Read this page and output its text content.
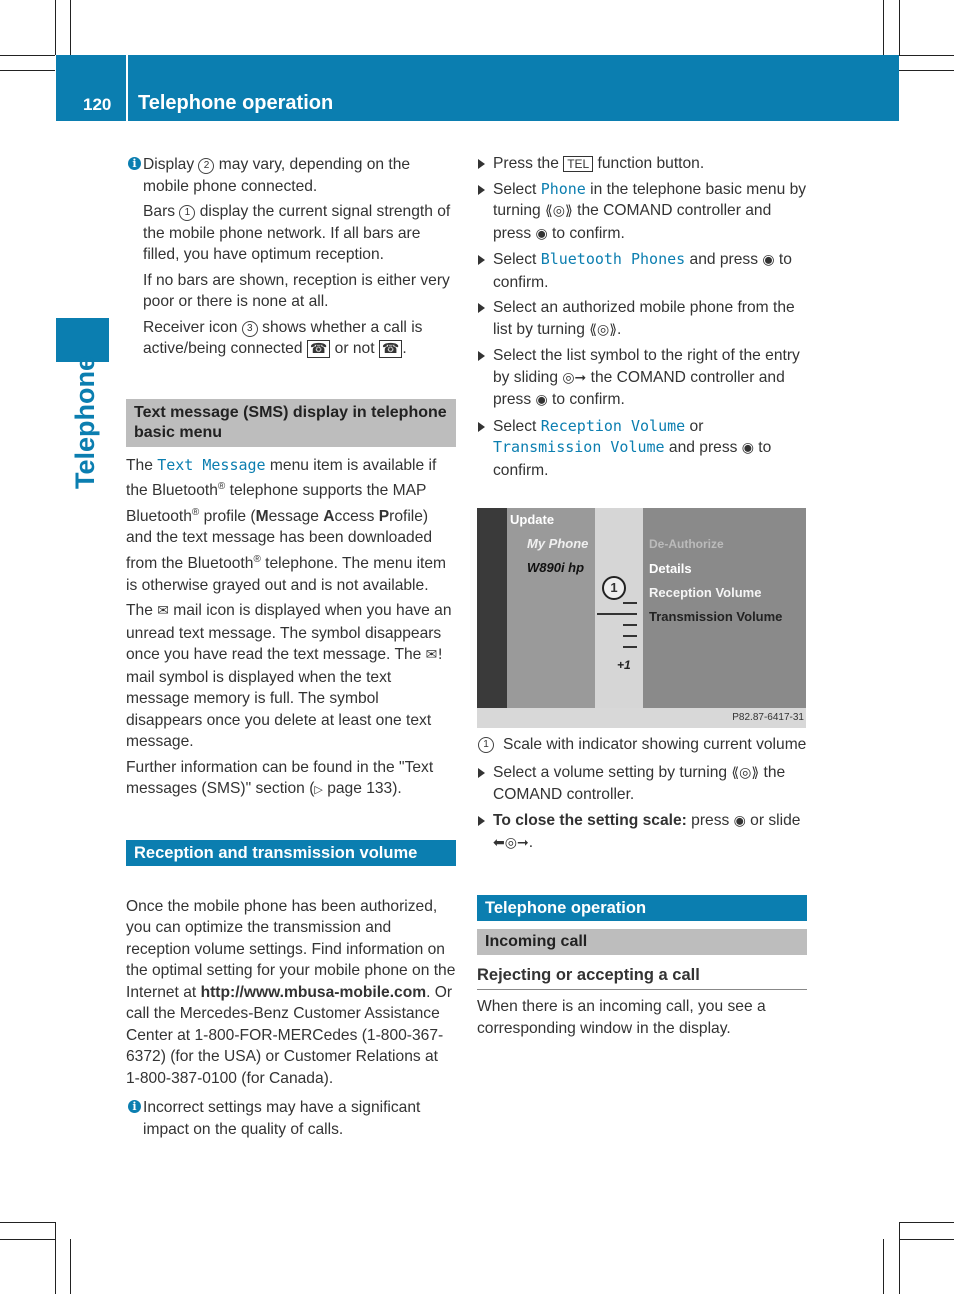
120 Telephone operation
Telephone
i Display 2 may vary, depending on the mobile phone connected.

Bars 1 display the current signal strength of the mobile phone network. If all bars are filled, you have optimum reception.

If no bars are shown, reception is either very poor or there is none at all.

Receiver icon 3 shows whether a call is active/being connected ☎ or not ☎ .

Text message (SMS) display in telephone basic menu

The Text Message menu item is available if the Bluetooth® telephone supports the MAP Bluetooth® profile (Message Access Profile) and the text message has been downloaded from the Bluetooth® telephone. The menu item is otherwise grayed out and is not available.

The ✉ mail icon is displayed when you have an unread text message. The symbol disappears once you have read the text message. The ✉! mail symbol is displayed when the text message memory is full. The symbol disappears once you delete at least one text message.

Further information can be found in the "Text messages (SMS)" section (▷ page 133).

Reception and transmission volume

Once the mobile phone has been authorized, you can optimize the transmission and reception volume settings. Find information on the optimal setting for your mobile phone on the Internet at http://www.mbusa-mobile.com. Or call the Mercedes-Benz Customer Assistance Center at 1-800-FOR-MERCedes (1-800-367-6372) (for the USA) or Customer Relations at 1-800-387-0100 (for Canada).

i Incorrect settings may have a significant impact on the quality of calls.

Press the TEL function button.
Select Phone in the telephone basic menu by turning ⟪◎⟫ the COMAND controller and press ◉ to confirm.
Select Bluetooth Phones and press ◉ to confirm.
Select an authorized mobile phone from the list by turning ⟪◎⟫.
Select the list symbol to the right of the entry by sliding ◎➞ the COMAND controller and press ◉ to confirm.
Select Reception Volume or Transmission Volume and press ◉ to confirm.
Update
My Phone
W890i hp
De-Authorize
Details
Reception Volume
Transmission Volume
1
+1
P82.87-6417-31
1 Scale with indicator showing current volume
Select a volume setting by turning ⟪◎⟫ the COMAND controller.
To close the setting scale: press ◉ or slide ⬅◎➞.
Telephone operation
Incoming call
Rejecting or accepting a call

When there is an incoming call, you see a corresponding window in the display.
